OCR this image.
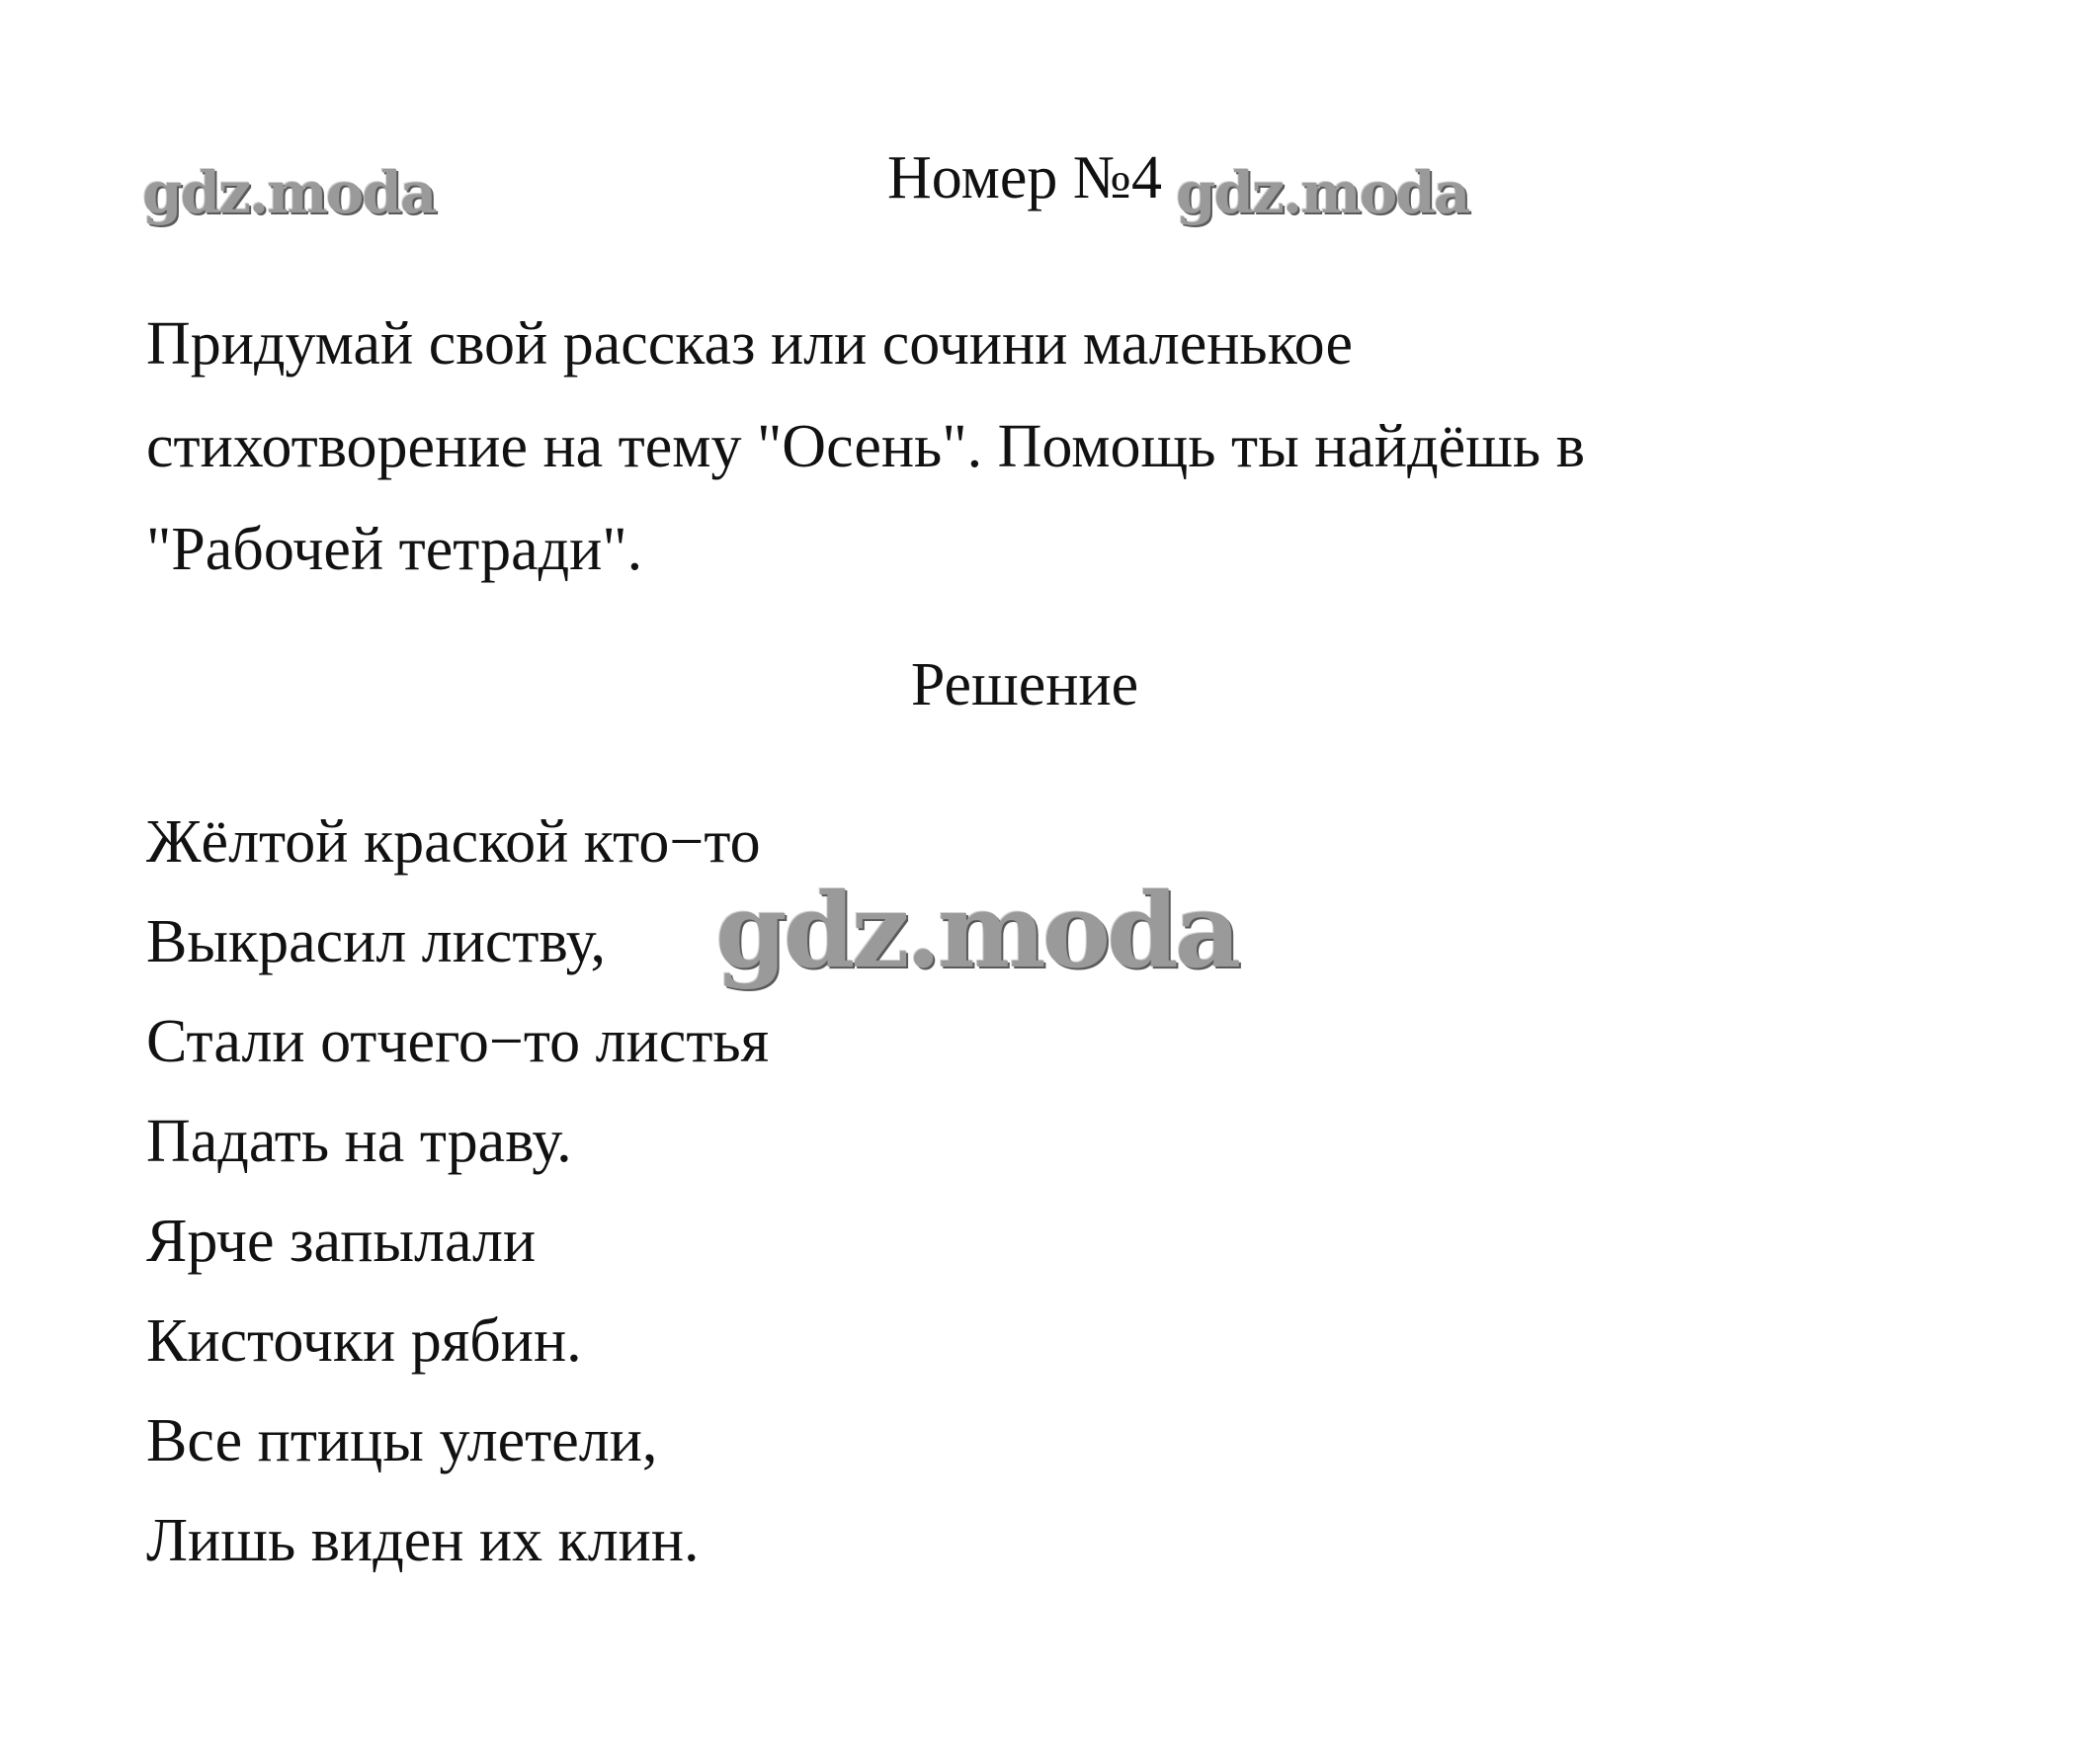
Номер №4

Придумай свой рассказ или сочини маленькое
стихотворение на тему "Осень". Помощь ты найдёшь в
"Рабочей тетради".

Решение
Жёлтой краской кто−то
Выкрасил листву,
Стали отчего−то листья
Падать на траву.
Ярче запылали
Кисточки рябин.
Все птицы улетели,
Лишь виден их клин.
gdz.moda	gdz.moda
gdz.moda
